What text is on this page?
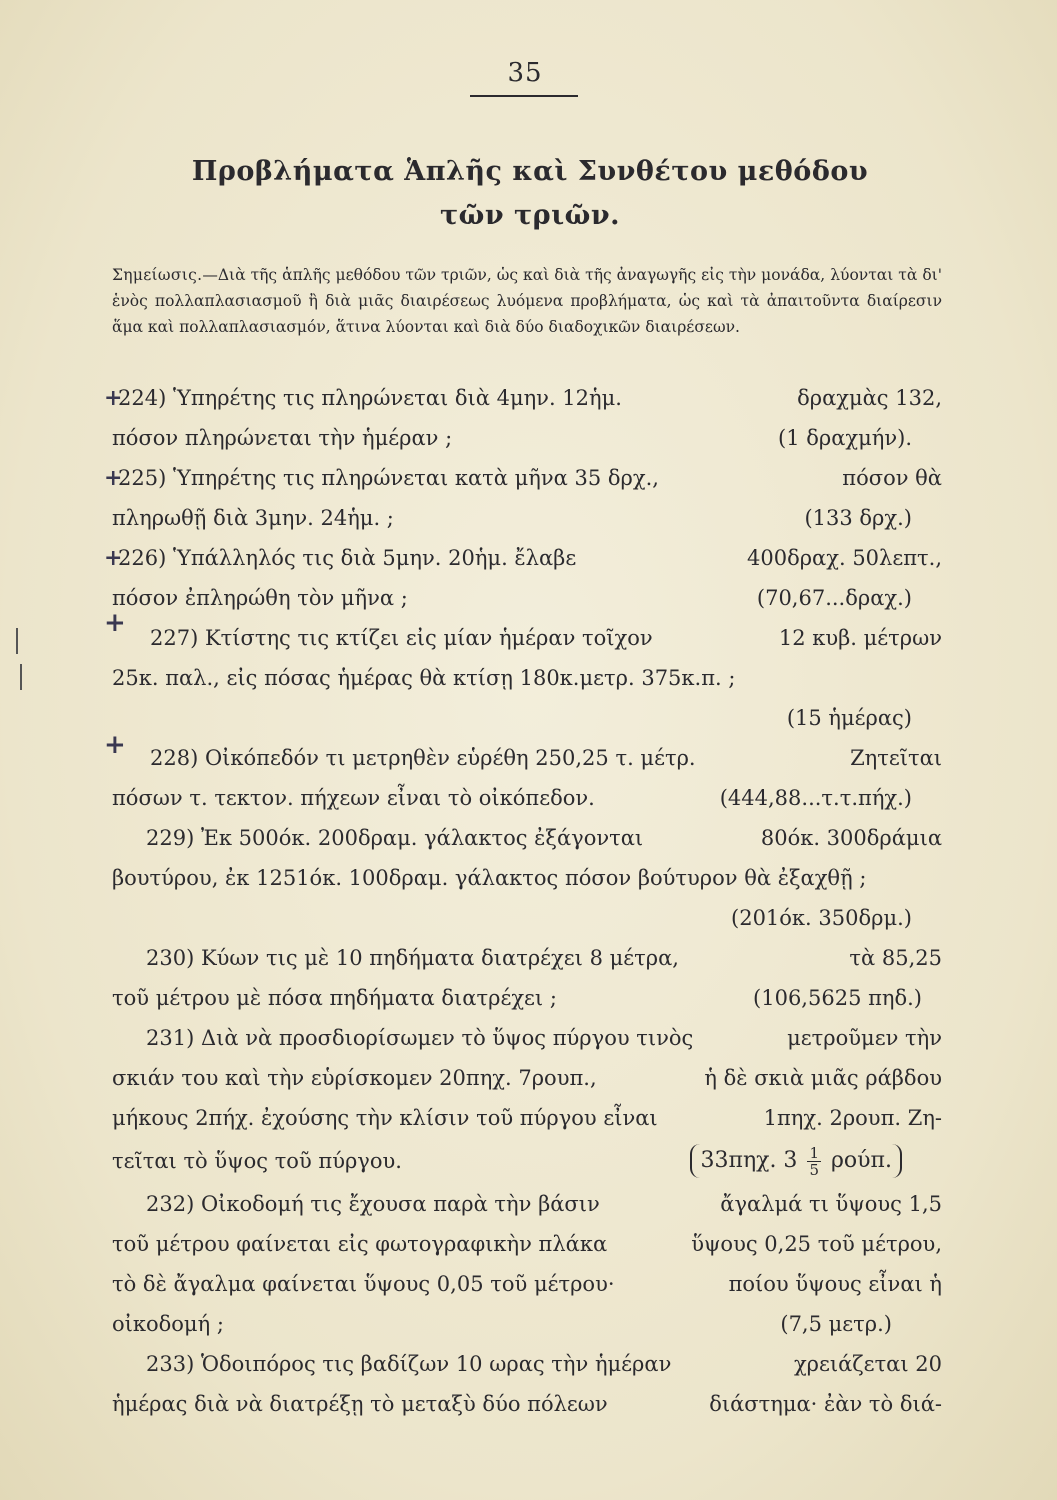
35
Προβλήματα Ἁπλῆς καὶ Συνθέτου μεθόδου
τῶν τριῶν.
Σημείωσις.—Διὰ τῆς ἁπλῆς μεθόδου τῶν τριῶν, ὡς καὶ διὰ τῆς ἀναγωγῆς εἰς τὴν μονάδα, λύονται τὰ δι' ἑνὸς πολλαπλασιασμοῦ ἢ διὰ μιᾶς διαιρέσεως λυόμενα προβλήματα, ὡς καὶ τὰ ἀπαιτοῦντα διαίρεσιν ἅμα καὶ πολλαπλασιασμόν, ἅτινα λύονται καὶ διὰ δύο διαδοχικῶν διαιρέσεων.
+
+
+
+
+
224) Ὑπηρέτης τις πληρώνεται διὰ 4μην. 12ἡμ.	δραχμὰς 132,
πόσον πληρώνεται τὴν ἡμέραν ;	(1 δραχμήν).
225) Ὑπηρέτης τις πληρώνεται κατὰ μῆνα 35 δρχ.,	πόσον θὰ
πληρωθῇ διὰ 3μην. 24ἡμ. ;	(133 δρχ.)
226) Ὑπάλληλός τις διὰ 5μην. 20ἡμ. ἔλαβε	400δραχ. 50λεπτ.,
πόσον ἐπληρώθη τὸν μῆνα ;	(70,67...δραχ.)
227) Κτίστης τις κτίζει εἰς μίαν ἡμέραν τοῖχον	12 κυβ. μέτρων
25κ. παλ., εἰς πόσας ἡμέρας θὰ κτίσῃ 180κ.μετρ. 375κ.π. ;
(15 ἡμέρας)
228) Οἰκόπεδόν τι μετρηθὲν εὑρέθη 250,25 τ. μέτρ.	Ζητεῖται
πόσων τ. τεκτον. πήχεων εἶναι τὸ οἰκόπεδον.	(444,88...τ.τ.πήχ.)
229) Ἐκ 500όκ. 200δραμ. γάλακτος ἐξάγονται	80όκ. 300δράμια
βουτύρου, ἐκ 1251όκ. 100δραμ. γάλακτος πόσον βούτυρον θὰ ἐξαχθῇ ;
(201όκ. 350δρμ.)
230) Κύων τις μὲ 10 πηδήματα διατρέχει 8 μέτρα,	τὰ 85,25
τοῦ μέτρου μὲ πόσα πηδήματα διατρέχει ;	(106,5625 πηδ.)
231) Διὰ νὰ προσδιορίσωμεν τὸ ὕψος πύργου τινὸς	μετροῦμεν τὴν
σκιάν του καὶ τὴν εὑρίσκομεν 20πηχ. 7ρουπ.,	ἡ δὲ σκιὰ μιᾶς ράβδου
μήκους 2πήχ. ἐχούσης τὴν κλίσιν τοῦ πύργου εἶναι	1πηχ. 2ρουπ. Ζη-
τεῖται τὸ ὕψος τοῦ πύργου.	33πηχ. $3 \frac{1}{5} \rho oύ\pi$.
232) Οἰκοδομή τις ἔχουσα παρὰ τὴν βάσιν	ἄγαλμά τι ὕψους 1,5
τοῦ μέτρου φαίνεται εἰς φωτογραφικὴν πλάκα	ὕψους 0,25 τοῦ μέτρου,
τὸ δὲ ἄγαλμα φαίνεται ὕψους 0,05 τοῦ μέτρου·	ποίου ὕψους εἶναι ἡ
οἰκοδομή ;	(7,5 μετρ.)
233) Ὁδοιπόρος τις βαδίζων 10 ωρας τὴν ἡμέραν	χρειάζεται 20
ἡμέρας διὰ νὰ διατρέξῃ τὸ μεταξὺ δύο πόλεων	διάστημα· ἐὰν τὸ διά-
